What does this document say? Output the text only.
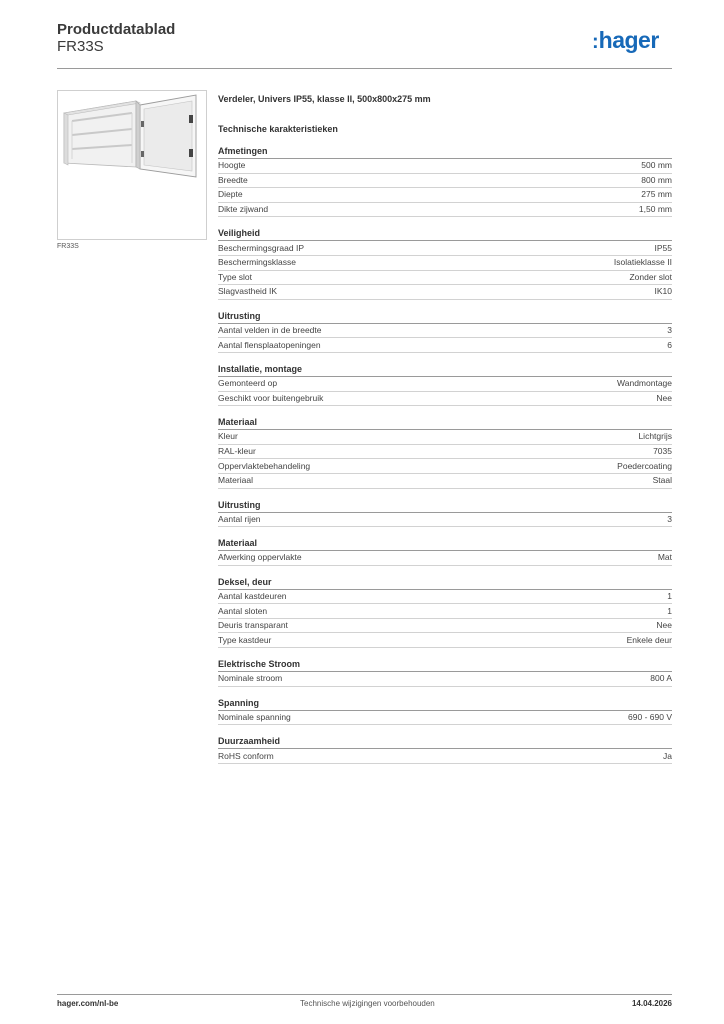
Productdatablad
FR33S	:hager
FR33S
Verdeler, Univers IP55, klasse II, 500x800x275 mm
Technische karakteristieken
Afmetingen
Hoogte	500 mm
Breedte	800 mm
Diepte	275 mm
Dikte zijwand	1,50 mm
Veiligheid
Beschermingsgraad IP	IP55
Beschermingsklasse	Isolatieklasse II
Type slot	Zonder slot
Slagvastheid IK	IK10
Uitrusting
Aantal velden in de breedte	3
Aantal flensplaatopeningen	6
Installatie, montage
Gemonteerd op	Wandmontage
Geschikt voor buitengebruik	Nee
Materiaal
Kleur	Lichtgrijs
RAL-kleur	7035
Oppervlaktebehandeling	Poedercoating
Materiaal	Staal
Uitrusting
Aantal rijen	3
Materiaal
Afwerking oppervlakte	Mat
Deksel, deur
Aantal kastdeuren	1
Aantal sloten	1
Deuris transparant	Nee
Type kastdeur	Enkele deur
Elektrische Stroom
Nominale stroom	800 A
Spanning
Nominale spanning	690 - 690 V
Duurzaamheid
RoHS conform	Ja
hager.com/nl-be	Technische wijzigingen voorbehouden	14.04.2026
